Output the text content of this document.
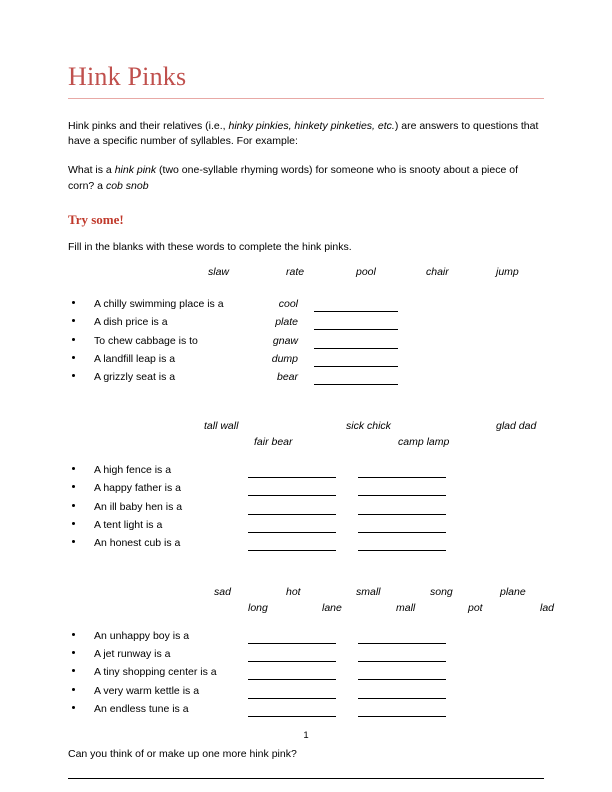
Hink Pinks

Hink pinks and their relatives (i.e., hinky pinkies, hinkety pinketies, etc.) are answers to questions that have a specific number of syllables. For example:

What is a hink pink (two one-syllable rhyming words) for someone who is snooty about a piece of corn? a cob snob

Try some!

Fill in the blanks with these words to complete the hink pinks.

slaw	rate	pool	chair	jump
A chilly swimming place is a	cool
A dish price is a	plate
To chew cabbage is to	gnaw
A landfill leap is a	dump
A grizzly seat is a	bear
tall wall
fair bear
sick chick
camp lamp
glad dad
A high fence is a
A happy father is a
An ill baby hen is a
A tent light is a
An honest cub is a
sad
long
hot
lane
small
mall
song
pot
plane
lad
An unhappy boy is a
A jet runway is a
A tiny shopping center is a
A very warm kettle is a
An endless tune is a

Can you think of or make up one more hink pink?

1
